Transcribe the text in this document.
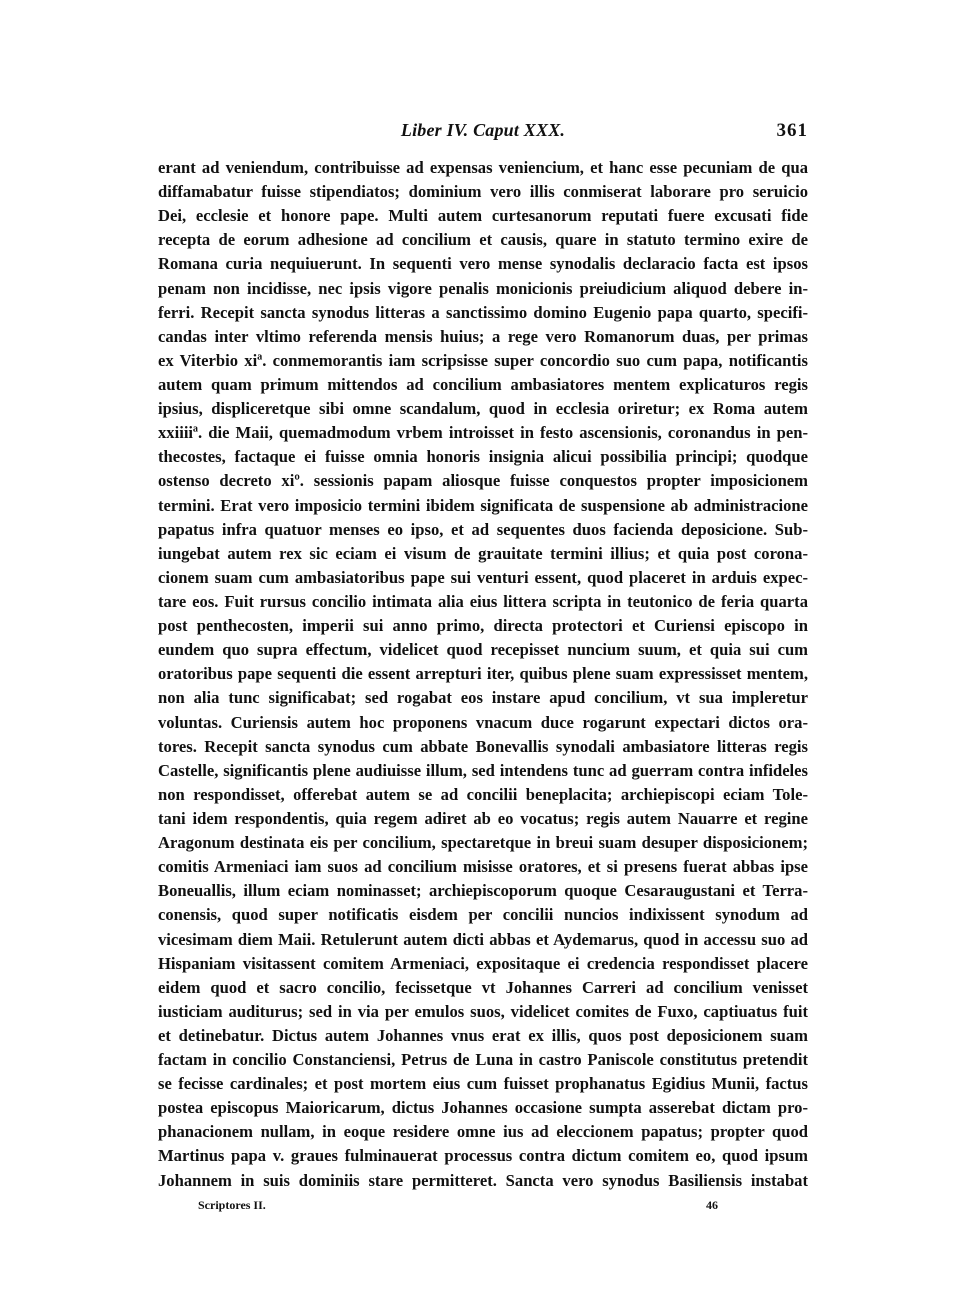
Liber IV. Caput XXX.	361
erant ad veniendum, contribuisse ad expensas veniencium, et hanc esse pecuniam de qua
diffamabatur fuisse stipendiatos; dominium vero illis conmiserat laborare pro seruicio
Dei, ecclesie et honore pape. Multi autem curtesanorum reputati fuere excusati fide
recepta de eorum adhesione ad concilium et causis, quare in statuto termino exire de
Romana curia nequiuerunt. In sequenti vero mense synodalis declaracio facta est ipsos
penam non incidisse, nec ipsis vigore penalis monicionis preiudicium aliquod debere in-
ferri. Recepit sancta synodus litteras a sanctissimo domino Eugenio papa quarto, specifi-
candas inter vltimo referenda mensis huius; a rege vero Romanorum duas, per primas
ex Viterbio xiª. conmemorantis iam scripsisse super concordio suo cum papa, notificantis
autem quam primum mittendos ad concilium ambasiatores mentem explicaturos regis
ipsius, displiceretque sibi omne scandalum, quod in ecclesia oriretur; ex Roma autem
xxiiiiª. die Maii, quemadmodum vrbem introisset in festo ascensionis, coronandus in pen-
thecostes, factaque ei fuisse omnia honoris insignia alicui possibilia principi; quodque
ostenso decreto xiº. sessionis papam aliosque fuisse conquestos propter imposicionem
termini. Erat vero imposicio termini ibidem significata de suspensione ab administracione
papatus infra quatuor menses eo ipso, et ad sequentes duos facienda deposicione. Sub-
iungebat autem rex sic eciam ei visum de grauitate termini illius; et quia post corona-
cionem suam cum ambasiatoribus pape sui venturi essent, quod placeret in arduis expec-
tare eos. Fuit rursus concilio intimata alia eius littera scripta in teutonico de feria quarta
post penthecosten, imperii sui anno primo, directa protectori et Curiensi episcopo in
eundem quo supra effectum, videlicet quod recepisset nuncium suum, et quia sui cum
oratoribus pape sequenti die essent arrepturi iter, quibus plene suam expressisset mentem,
non alia tunc significabat; sed rogabat eos instare apud concilium, vt sua impleretur
voluntas. Curiensis autem hoc proponens vnacum duce rogarunt expectari dictos ora-
tores. Recepit sancta synodus cum abbate Bonevallis synodali ambasiatore litteras regis
Castelle, significantis plene audiuisse illum, sed intendens tunc ad guerram contra infideles
non respondisset, offerebat autem se ad concilii beneplacita; archiepiscopi eciam Tole-
tani idem respondentis, quia regem adiret ab eo vocatus; regis autem Nauarre et regine
Aragonum destinata eis per concilium, spectaretque in breui suam desuper disposicionem;
comitis Armeniaci iam suos ad concilium misisse oratores, et si presens fuerat abbas ipse
Boneuallis, illum eciam nominasset; archiepiscoporum quoque Cesaraugustani et Terra-
conensis, quod super notificatis eisdem per concilii nuncios indixissent synodum ad
vicesimam diem Maii. Retulerunt autem dicti abbas et Aydemarus, quod in accessu suo ad
Hispaniam visitassent comitem Armeniaci, expositaque ei credencia respondisset placere
eidem quod et sacro concilio, fecissetque vt Johannes Carreri ad concilium venisset
iusticiam auditurus; sed in via per emulos suos, videlicet comites de Fuxo, captiuatus fuit
et detinebatur. Dictus autem Johannes vnus erat ex illis, quos post deposicionem suam
factam in concilio Constanciensi, Petrus de Luna in castro Paniscole constitutus pretendit
se fecisse cardinales; et post mortem eius cum fuisset prophanatus Egidius Munii, factus
postea episcopus Maioricarum, dictus Johannes occasione sumpta asserebat dictam pro-
phanacionem nullam, in eoque residere omne ius ad eleccionem papatus; propter quod
Martinus papa v. graues fulminauerat processus contra dictum comitem eo, quod ipsum
Johannem in suis dominiis stare permitteret. Sancta vero synodus Basiliensis instabat
Scriptores II.	46
